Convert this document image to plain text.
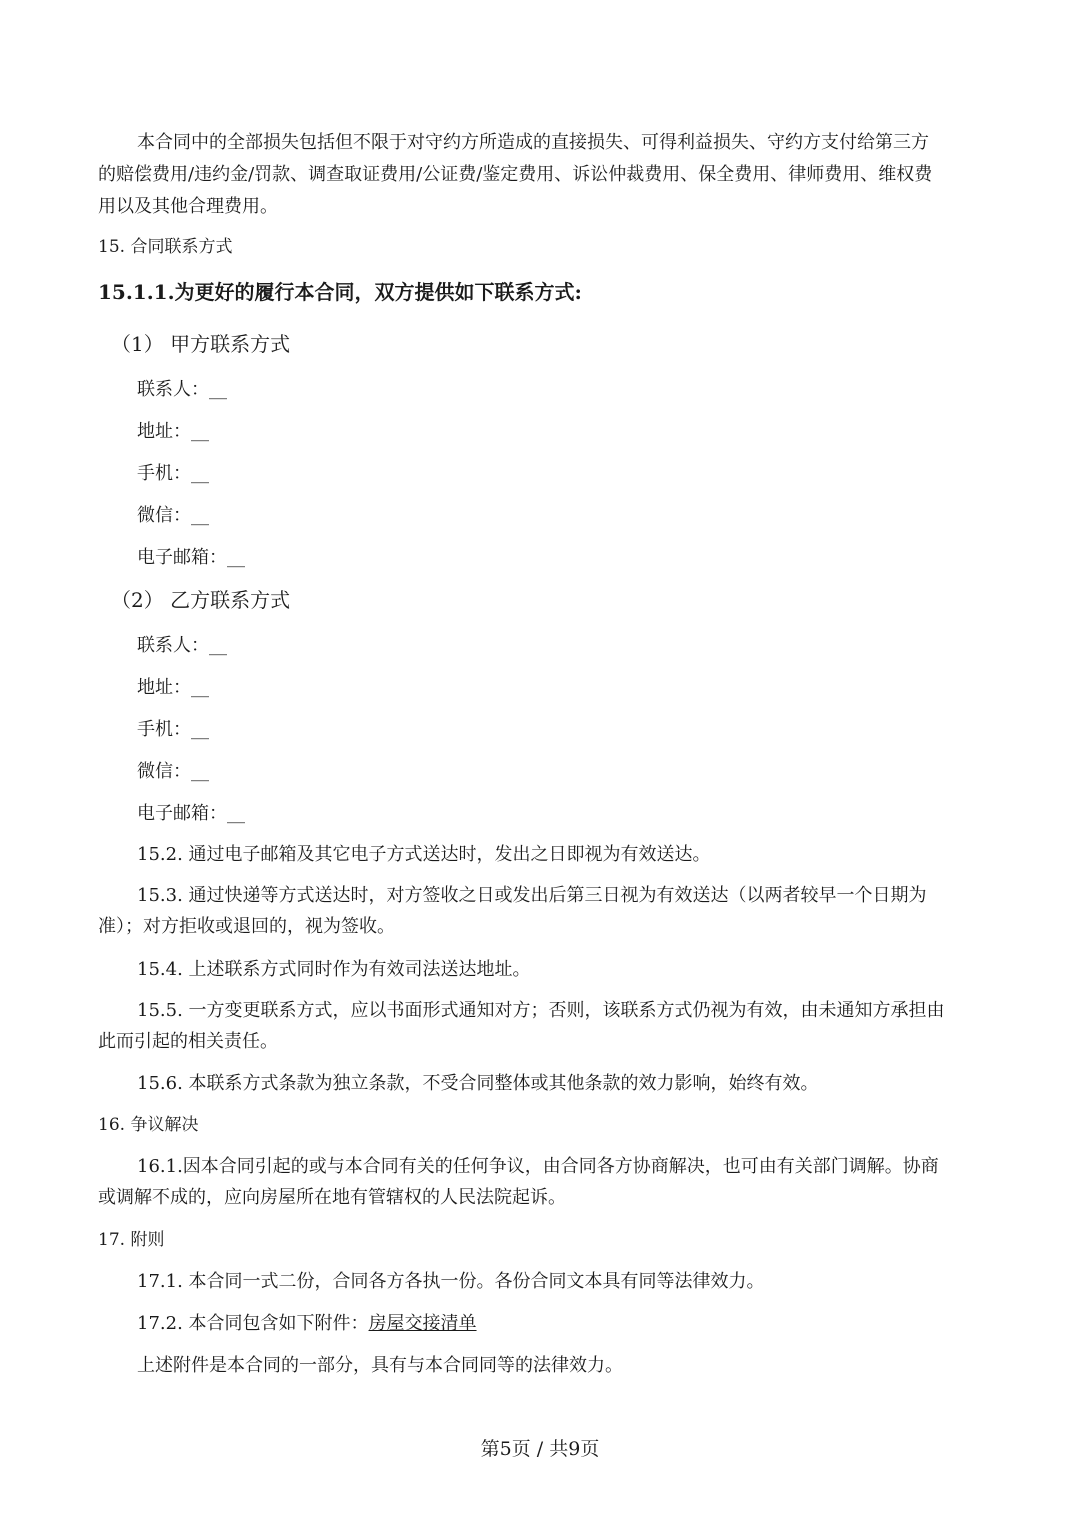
本合同中的全部损失包括但不限于对守约方所造成的直接损失、可得利益损失、守约方支付给第三方
的赔偿费用/违约金/罚款、调查取证费用/公证费/鉴定费用、诉讼仲裁费用、保全费用、律师费用、维权费
用以及其他合理费用。
15. 合同联系方式
15.1.1.为更好的履行本合同，双方提供如下联系方式:
（1） 甲方联系方式
联系人：__
地址：__
手机：__
微信：__
电子邮箱：__
（2） 乙方联系方式
联系人：__
地址：__
手机：__
微信：__
电子邮箱：__
15.2. 通过电子邮箱及其它电子方式送达时，发出之日即视为有效送达。
15.3. 通过快递等方式送达时，对方签收之日或发出后第三日视为有效送达（以两者较早一个日期为
准）；对方拒收或退回的，视为签收。
15.4. 上述联系方式同时作为有效司法送达地址。
15.5. 一方变更联系方式，应以书面形式通知对方；否则，该联系方式仍视为有效，由未通知方承担由
此而引起的相关责任。
15.6. 本联系方式条款为独立条款，不受合同整体或其他条款的效力影响，始终有效。
16. 争议解决
16.1.因本合同引起的或与本合同有关的任何争议，由合同各方协商解决，也可由有关部门调解。协商
或调解不成的，应向房屋所在地有管辖权的人民法院起诉。
17. 附则
17.1. 本合同一式二份，合同各方各执一份。各份合同文本具有同等法律效力。
17.2. 本合同包含如下附件：房屋交接清单
上述附件是本合同的一部分，具有与本合同同等的法律效力。
第5页 / 共9页
